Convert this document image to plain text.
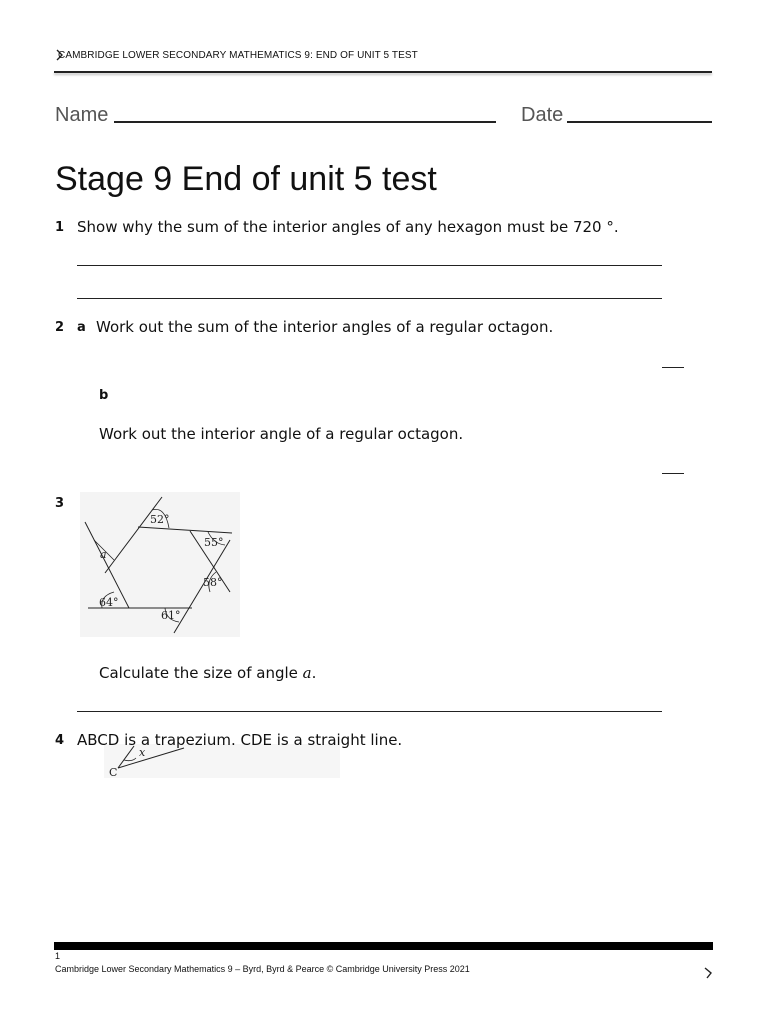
CAMBRIDGE LOWER SECONDARY MATHEMATICS 9: END OF UNIT 5 TEST
Name	Date
Stage 9 End of unit 5 test
1 Show why the sum of the interior angles of any hexagon must be 720 °.
2 a Work out the sum of the interior angles of a regular octagon.
b
Work out the interior angle of a regular octagon.
3
52°
55°
58°
61°
64°
a
Calculate the size of angle a.
x
C
4 ABCD is a trapezium. CDE is a straight line.
1
Cambridge Lower Secondary Mathematics 9 – Byrd, Byrd & Pearce © Cambridge University Press 2021
